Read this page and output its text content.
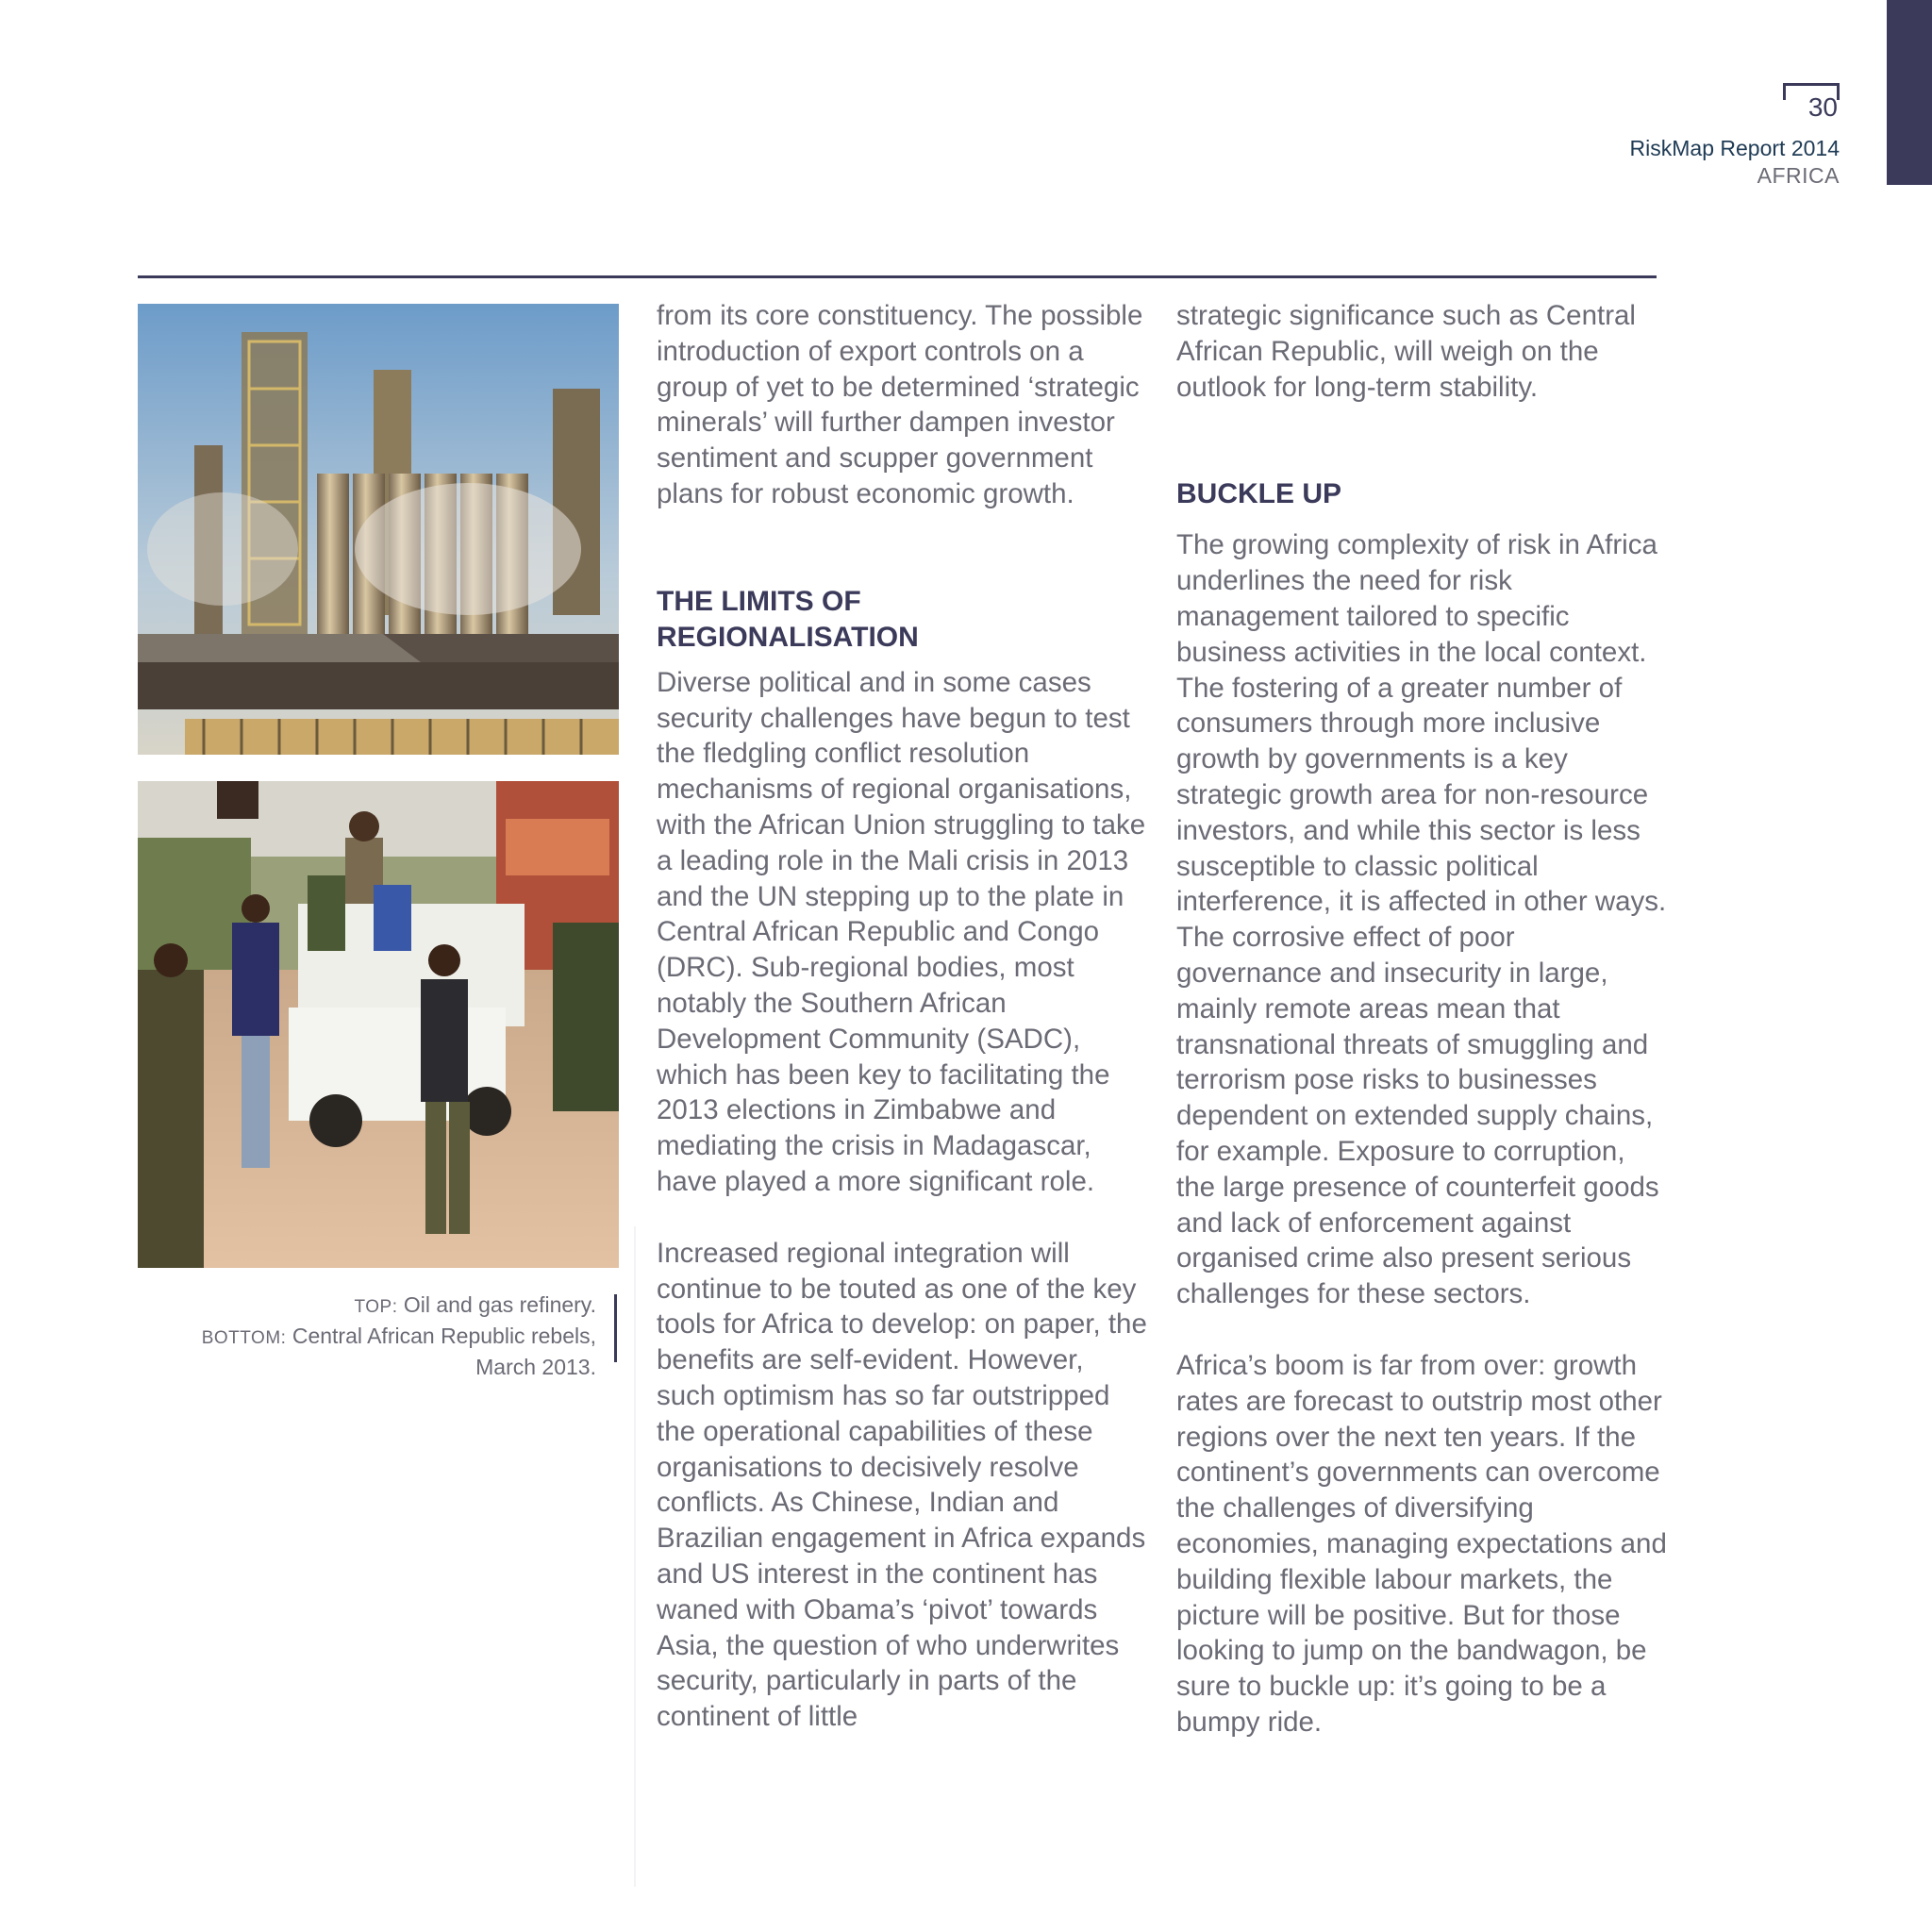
30
RiskMap Report 2014
AFRICA
TOP: Oil and gas refinery.
BOTTOM: Central African Republic rebels,
March 2013.

from its core constituency. The possible introduction of export controls on a group of yet to be determined ‘strategic minerals’ will further dampen investor sentiment and scupper government plans for robust economic growth.

THE LIMITS OF
REGIONALISATION

Diverse political and in some cases security challenges have begun to test the fledgling conflict resolution mechanisms of regional organisations, with the African Union struggling to take a leading role in the Mali crisis in 2013 and the UN stepping up to the plate in Central African Republic and Congo (DRC). Sub-regional bodies, most notably the Southern African Development Community (SADC), which has been key to facilitating the 2013 elections in Zimbabwe and mediating the crisis in Madagascar, have played a more significant role.

Increased regional integration will continue to be touted as one of the key tools for Africa to develop: on paper, the benefits are self-evident. However, such optimism has so far outstripped the operational capabilities of these organisations to decisively resolve conflicts. As Chinese, Indian and Brazilian engagement in Africa expands and US interest in the continent has waned with Obama’s ‘pivot’ towards Asia, the question of who underwrites security, particularly in parts of the continent of little

strategic significance such as Central African Republic, will weigh on the outlook for long-term stability.

BUCKLE UP

The growing complexity of risk in Africa underlines the need for risk management tailored to specific business activities in the local context. The fostering of a greater number of consumers through more inclusive growth by governments is a key strategic growth area for non-resource investors, and while this sector is less susceptible to classic political interference, it is affected in other ways. The corrosive effect of poor governance and insecurity in large, mainly remote areas mean that transnational threats of smuggling and terrorism pose risks to businesses dependent on extended supply chains, for example. Exposure to corruption, the large presence of counterfeit goods and lack of enforcement against organised crime also present serious challenges for these sectors.

Africa’s boom is far from over: growth rates are forecast to outstrip most other regions over the next ten years. If the continent’s governments can overcome the challenges of diversifying economies, managing expectations and building flexible labour markets, the picture will be positive. But for those looking to jump on the bandwagon, be sure to buckle up: it’s going to be a bumpy ride.
